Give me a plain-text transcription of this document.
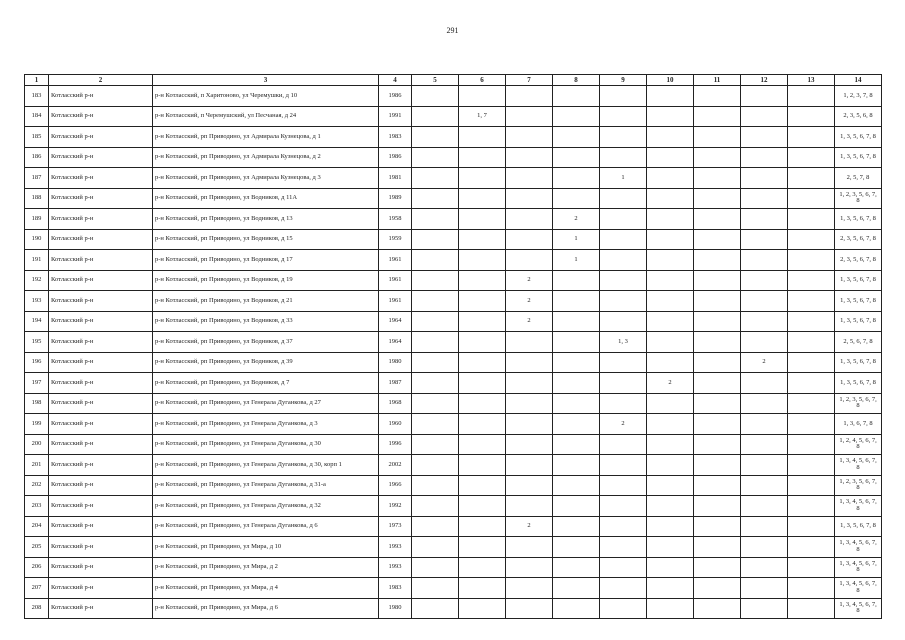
291
1	2	3	4	5	6	7	8	9	10	11	12	13	14
183	Котласский р-н	р-н Котласский, п Харитоново, ул Черемушки, д 10	1986										1, 2, 3, 7, 8
184	Котласский р-н	р-н Котласский, п Черемушский, ул Песчаная, д 24	1991		1, 7								2, 3, 5, 6, 8
185	Котласский р-н	р-н Котласский, рп Приводино, ул Адмирала Кузнецова, д 1	1983										1, 3, 5, 6, 7, 8
186	Котласский р-н	р-н Котласский, рп Приводино, ул Адмирала Кузнецова, д 2	1986										1, 3, 5, 6, 7, 8
187	Котласский р-н	р-н Котласский, рп Приводино, ул Адмирала Кузнецова, д 3	1981					1					2, 5, 7, 8
188	Котласский р-н	р-н Котласский, рп Приводино, ул Водников, д 11А	1989										1, 2, 3, 5, 6, 7, 8
189	Котласский р-н	р-н Котласский, рп Приводино, ул Водников, д 13	1958				2						1, 3, 5, 6, 7, 8
190	Котласский р-н	р-н Котласский, рп Приводино, ул Водников, д 15	1959				1						2, 3, 5, 6, 7, 8
191	Котласский р-н	р-н Котласский, рп Приводино, ул Водников, д 17	1961				1						2, 3, 5, 6, 7, 8
192	Котласский р-н	р-н Котласский, рп Приводино, ул Водников, д 19	1961			2							1, 3, 5, 6, 7, 8
193	Котласский р-н	р-н Котласский, рп Приводино, ул Водников, д 21	1961			2							1, 3, 5, 6, 7, 8
194	Котласский р-н	р-н Котласский, рп Приводино, ул Водников, д 33	1964			2							1, 3, 5, 6, 7, 8
195	Котласский р-н	р-н Котласский, рп Приводино, ул Водников, д 37	1964					1, 3					2, 5, 6, 7, 8
196	Котласский р-н	р-н Котласский, рп Приводино, ул Водников, д 39	1980								2		1, 3, 5, 6, 7, 8
197	Котласский р-н	р-н Котласский, рп Приводино, ул Водников, д 7	1987						2				1, 3, 5, 6, 7, 8
198	Котласский р-н	р-н Котласский, рп Приводино, ул Генерала Дуганкова, д 27	1968										1, 2, 3, 5, 6, 7, 8
199	Котласский р-н	р-н Котласский, рп Приводино, ул Генерала Дуганкова, д 3	1960					2					1, 3, 6, 7, 8
200	Котласский р-н	р-н Котласский, рп Приводино, ул Генерала Дуганкова, д 30	1996										1, 2, 4, 5, 6, 7, 8
201	Котласский р-н	р-н Котласский, рп Приводино, ул Генерала Дуганкова, д 30, корп 1	2002										1, 3, 4, 5, 6, 7, 8
202	Котласский р-н	р-н Котласский, рп Приводино, ул Генерала Дуганкова, д 31-а	1966										1, 2, 3, 5, 6, 7, 8
203	Котласский р-н	р-н Котласский, рп Приводино, ул Генерала Дуганкова, д 32	1992										1, 3, 4, 5, 6, 7, 8
204	Котласский р-н	р-н Котласский, рп Приводино, ул Генерала Дуганкова, д 6	1973			2							1, 3, 5, 6, 7, 8
205	Котласский р-н	р-н Котласский, рп Приводино, ул Мира, д 10	1993										1, 3, 4, 5, 6, 7, 8
206	Котласский р-н	р-н Котласский, рп Приводино, ул Мира, д 2	1993										1, 3, 4, 5, 6, 7, 8
207	Котласский р-н	р-н Котласский, рп Приводино, ул Мира, д 4	1983										1, 3, 4, 5, 6, 7, 8
208	Котласский р-н	р-н Котласский, рп Приводино, ул Мира, д 6	1980										1, 3, 4, 5, 6, 7, 8
